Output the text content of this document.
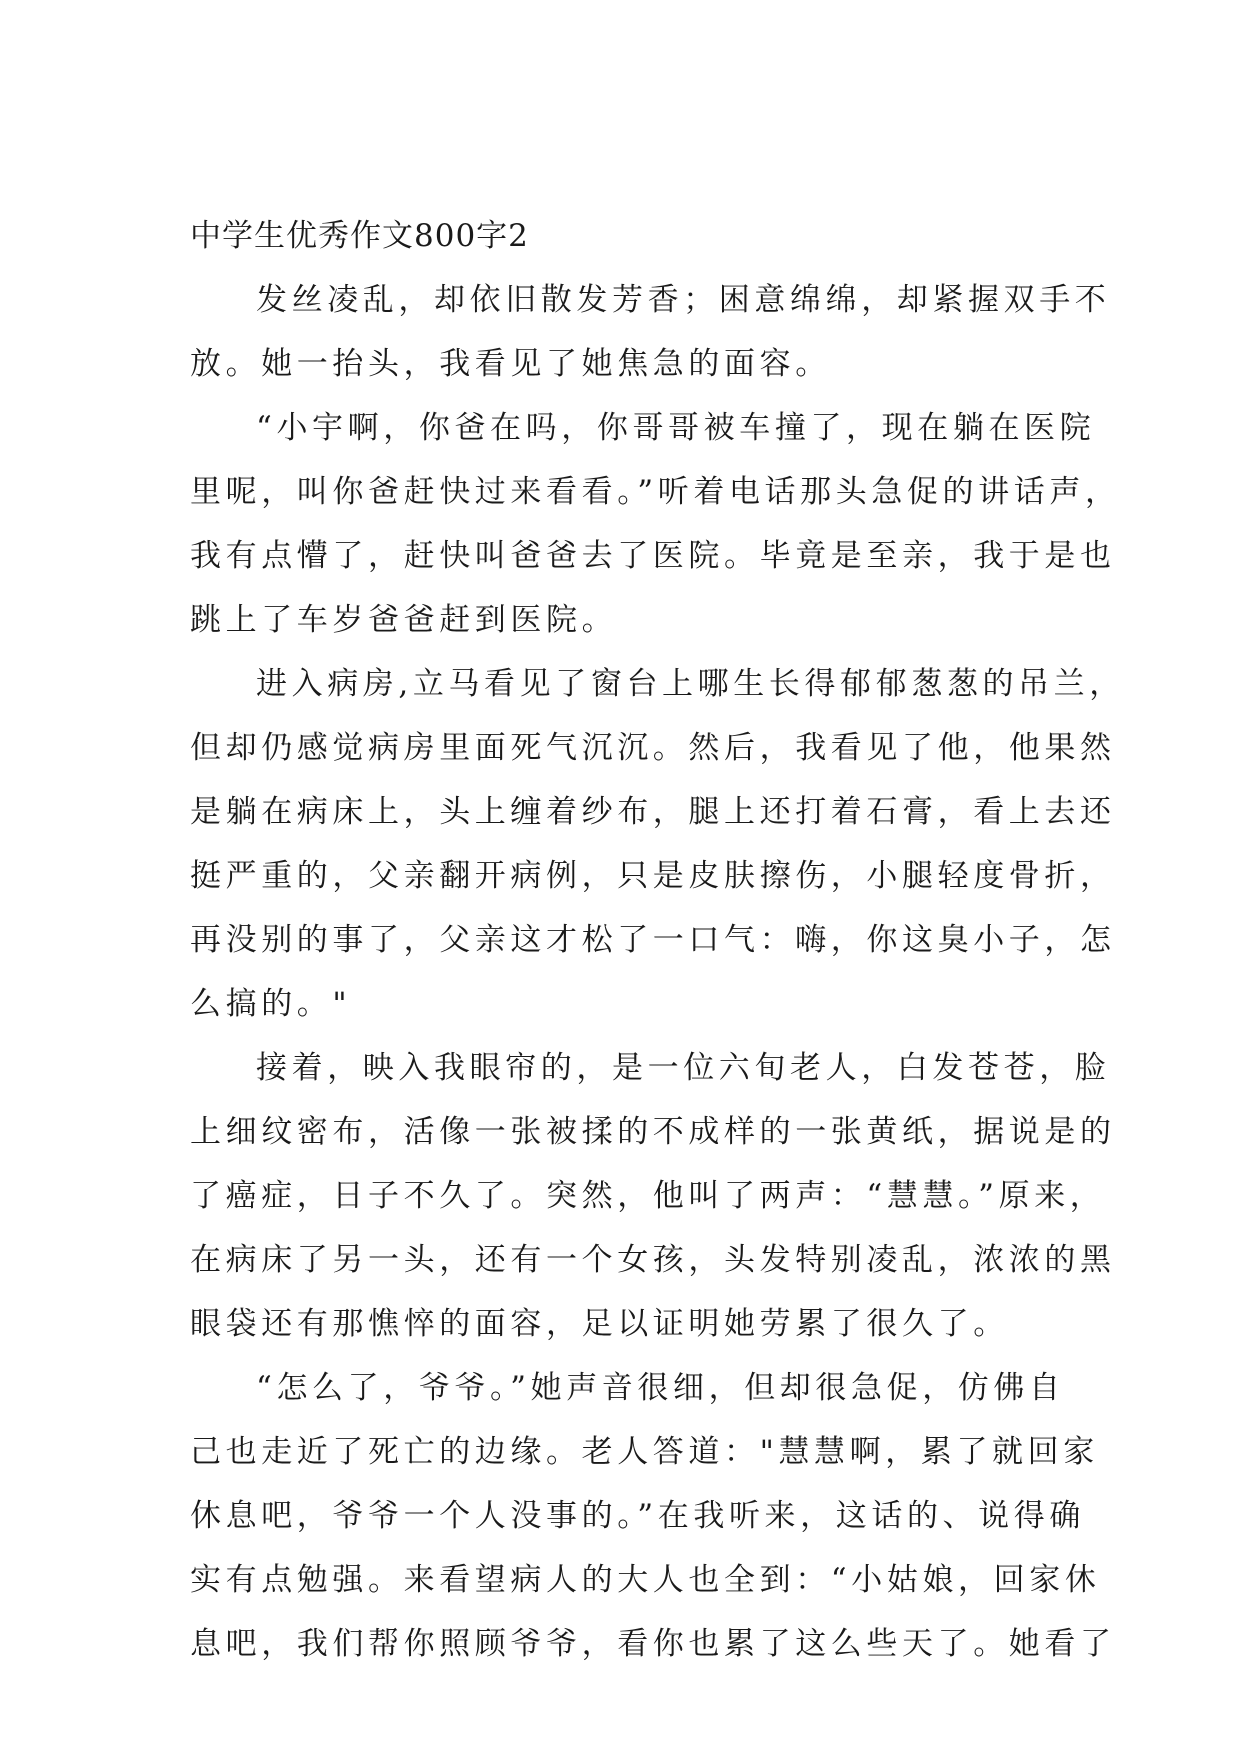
中学生优秀作文800字2
发丝凌乱，却依旧散发芳香；困意绵绵，却紧握双手不
放。她一抬头，我看见了她焦急的面容。
“小宇啊，你爸在吗，你哥哥被车撞了，现在躺在医院
里呢，叫你爸赶快过来看看。”听着电话那头急促的讲话声，
我有点懵了，赶快叫爸爸去了医院。毕竟是至亲，我于是也
跳上了车岁爸爸赶到医院。
进入病房,立马看见了窗台上哪生长得郁郁葱葱的吊兰，
但却仍感觉病房里面死气沉沉。然后，我看见了他，他果然
是躺在病床上，头上缠着纱布，腿上还打着石膏，看上去还
挺严重的，父亲翻开病例，只是皮肤擦伤，小腿轻度骨折，
再没别的事了，父亲这才松了一口气：嗨，你这臭小子，怎
么搞的。"
接着，映入我眼帘的，是一位六旬老人，白发苍苍，脸
上细纹密布，活像一张被揉的不成样的一张黄纸，据说是的
了癌症，日子不久了。突然，他叫了两声：“慧慧。”原来，
在病床了另一头，还有一个女孩，头发特别凌乱，浓浓的黑
眼袋还有那憔悴的面容，足以证明她劳累了很久了。
“怎么了，爷爷。”她声音很细，但却很急促，仿佛自
己也走近了死亡的边缘。老人答道："慧慧啊，累了就回家
休息吧，爷爷一个人没事的。”在我听来，这话的、说得确
实有点勉强。来看望病人的大人也全到：“小姑娘，回家休
息吧，我们帮你照顾爷爷，看你也累了这么些天了。她看了
